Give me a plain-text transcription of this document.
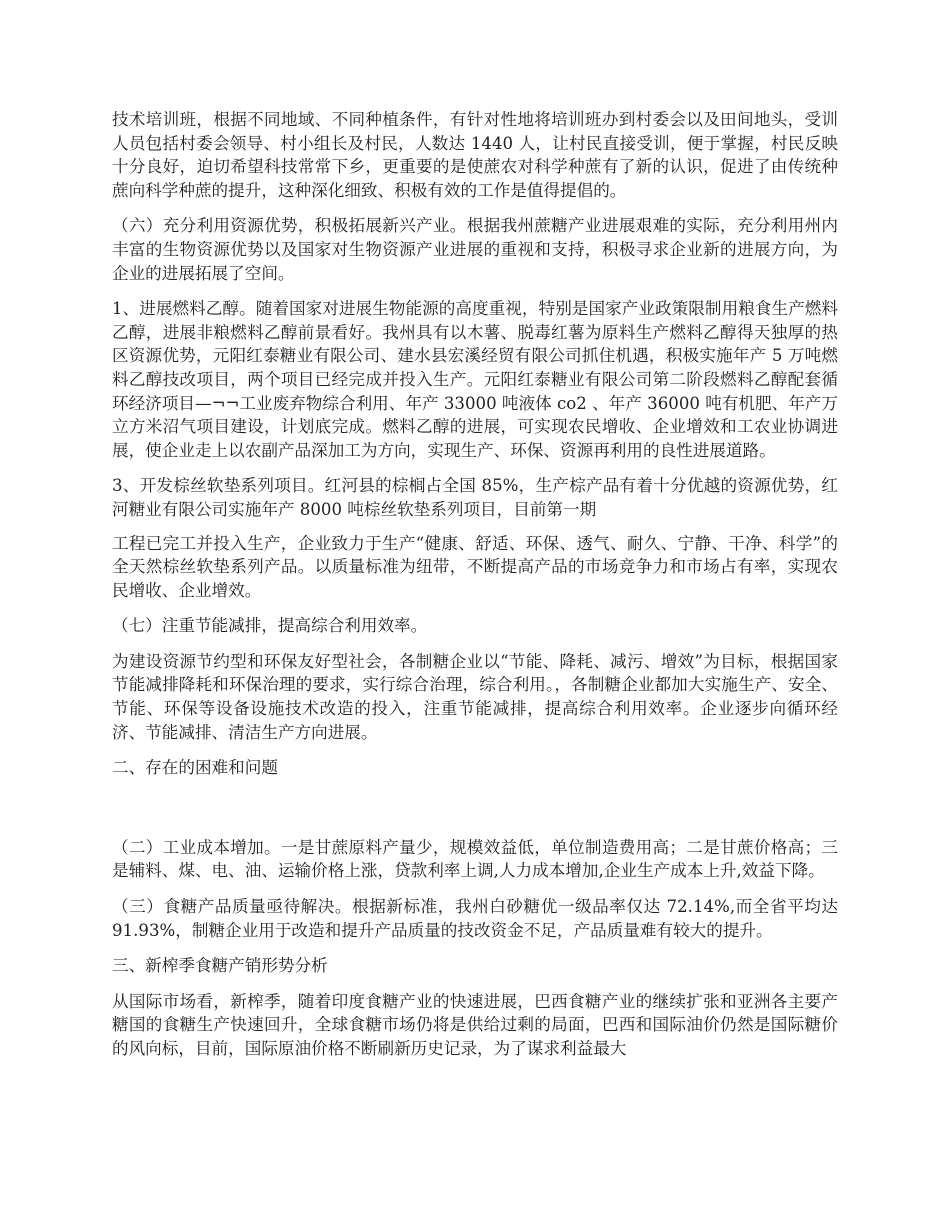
技术培训班，根据不同地域、不同种植条件，有针对性地将培训班办到村委会以及田间地头，受训人员包括村委会领导、村小组长及村民，人数达 1440 人，让村民直接受训，便于掌握，村民反映十分良好，迫切希望科技常常下乡，更重要的是使蔗农对科学种蔗有了新的认识，促进了由传统种蔗向科学种蔗的提升，这种深化细致、积极有效的工作是值得提倡的。

（六）充分利用资源优势，积极拓展新兴产业。根据我州蔗糖产业进展艰难的实际，充分利用州内丰富的生物资源优势以及国家对生物资源产业进展的重视和支持，积极寻求企业新的进展方向，为企业的进展拓展了空间。

1、进展燃料乙醇。随着国家对进展生物能源的高度重视，特别是国家产业政策限制用粮食生产燃料乙醇，进展非粮燃料乙醇前景看好。我州具有以木薯、脱毒红薯为原料生产燃料乙醇得天独厚的热区资源优势，元阳红泰糖业有限公司、建水县宏溪经贸有限公司抓住机遇，积极实施年产 5 万吨燃料乙醇技改项目，两个项目已经完成并投入生产。元阳红泰糖业有限公司第二阶段燃料乙醇配套循环经济项目—¬¬工业废弃物综合利用、年产 33000 吨液体 co2 、年产 36000 吨有机肥、年产万立方米沼气项目建设，计划底完成。燃料乙醇的进展，可实现农民增收、企业增效和工农业协调进展，使企业走上以农副产品深加工为方向，实现生产、环保、资源再利用的良性进展道路。

3、开发棕丝软垫系列项目。红河县的棕榈占全国 85%，生产棕产品有着十分优越的资源优势，红河糖业有限公司实施年产 8000 吨棕丝软垫系列项目，目前第一期

工程已完工并投入生产，企业致力于生产“健康、舒适、环保、透气、耐久、宁静、干净、科学”的全天然棕丝软垫系列产品。以质量标准为纽带，不断提高产品的市场竞争力和市场占有率，实现农民增收、企业增效。

（七）注重节能减排，提高综合利用效率。

为建设资源节约型和环保友好型社会，各制糖企业以“节能、降耗、减污、增效”为目标，根据国家节能减排降耗和环保治理的要求，实行综合治理，综合利用。，各制糖企业都加大实施生产、安全、节能、环保等设备设施技术改造的投入，注重节能减排，提高综合利用效率。企业逐步向循环经济、节能减排、清洁生产方向进展。

二、存在的困难和问题

（二）工业成本增加。一是甘蔗原料产量少，规模效益低，单位制造费用高；二是甘蔗价格高；三是辅料、煤、电、油、运输价格上涨，贷款利率上调,人力成本增加,企业生产成本上升,效益下降。

（三）食糖产品质量亟待解决。根据新标准，我州白砂糖优一级品率仅达 72.14%,而全省平均达 91.93%，制糖企业用于改造和提升产品质量的技改资金不足，产品质量难有较大的提升。

三、新榨季食糖产销形势分析

从国际市场看，新榨季，随着印度食糖产业的快速进展，巴西食糖产业的继续扩张和亚洲各主要产糖国的食糖生产快速回升，全球食糖市场仍将是供给过剩的局面，巴西和国际油价仍然是国际糖价的风向标，目前，国际原油价格不断刷新历史记录，为了谋求利益最大
